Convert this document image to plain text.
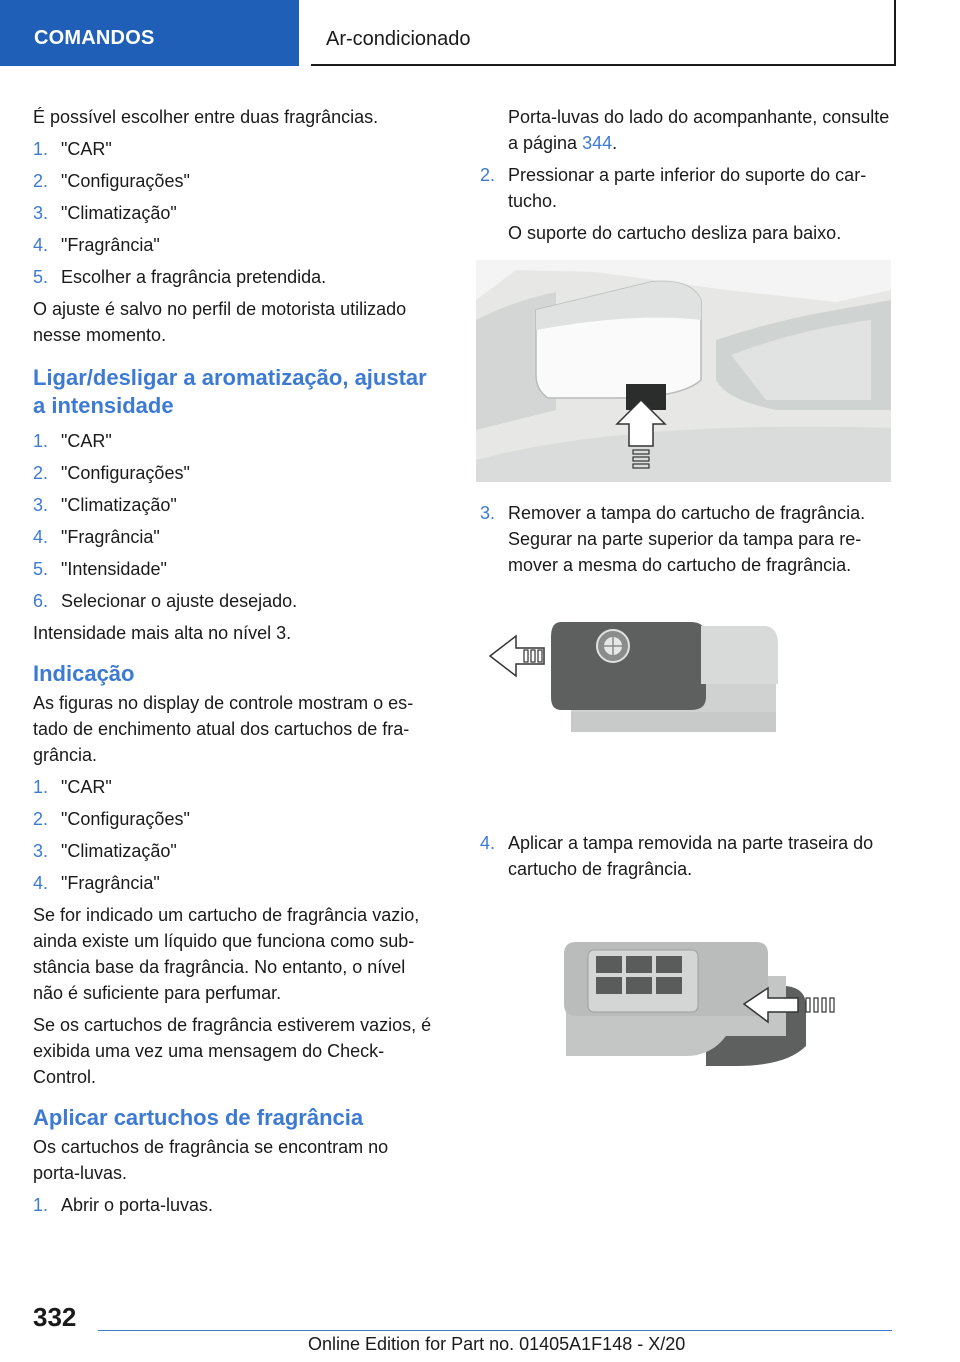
COMANDOS	Ar-condicionado

É possível escolher entre duas fragrâncias.

1. "CAR"
2. "Configurações"
3. "Climatização"
4. "Fragrância"
5. Escolher a fragrância pretendida.

O ajuste é salvo no perfil de motorista utilizado nesse momento.

Ligar/desligar a aromatização, ajustar a intensidade
1. "CAR"
2. "Configurações"
3. "Climatização"
4. "Fragrância"
5. "Intensidade"
6. Selecionar o ajuste desejado.

Intensidade mais alta no nível 3.

Indicação

As figuras no display de controle mostram o estado de enchimento atual dos cartuchos de fragrância.

1. "CAR"
2. "Configurações"
3. "Climatização"
4. "Fragrância"

Se for indicado um cartucho de fragrância vazio, ainda existe um líquido que funciona como substância base da fragrância. No entanto, o nível não é suficiente para perfumar.

Se os cartuchos de fragrância estiverem vazios, é exibida uma vez uma mensagem do Check-Control.

Aplicar cartuchos de fragrância

Os cartuchos de fragrância se encontram no porta-luvas.

1. Abrir o porta-luvas.

Porta-luvas do lado do acompanhante, consulte a página 344.

2. Pressionar a parte inferior do suporte do cartucho.

O suporte do cartucho desliza para baixo.

3. Remover a tampa do cartucho de fragrância. Segurar na parte superior da tampa para remover a mesma do cartucho de fragrância.
4. Aplicar a tampa removida na parte traseira do cartucho de fragrância.
332
Online Edition for Part no. 01405A1F148 - X/20
